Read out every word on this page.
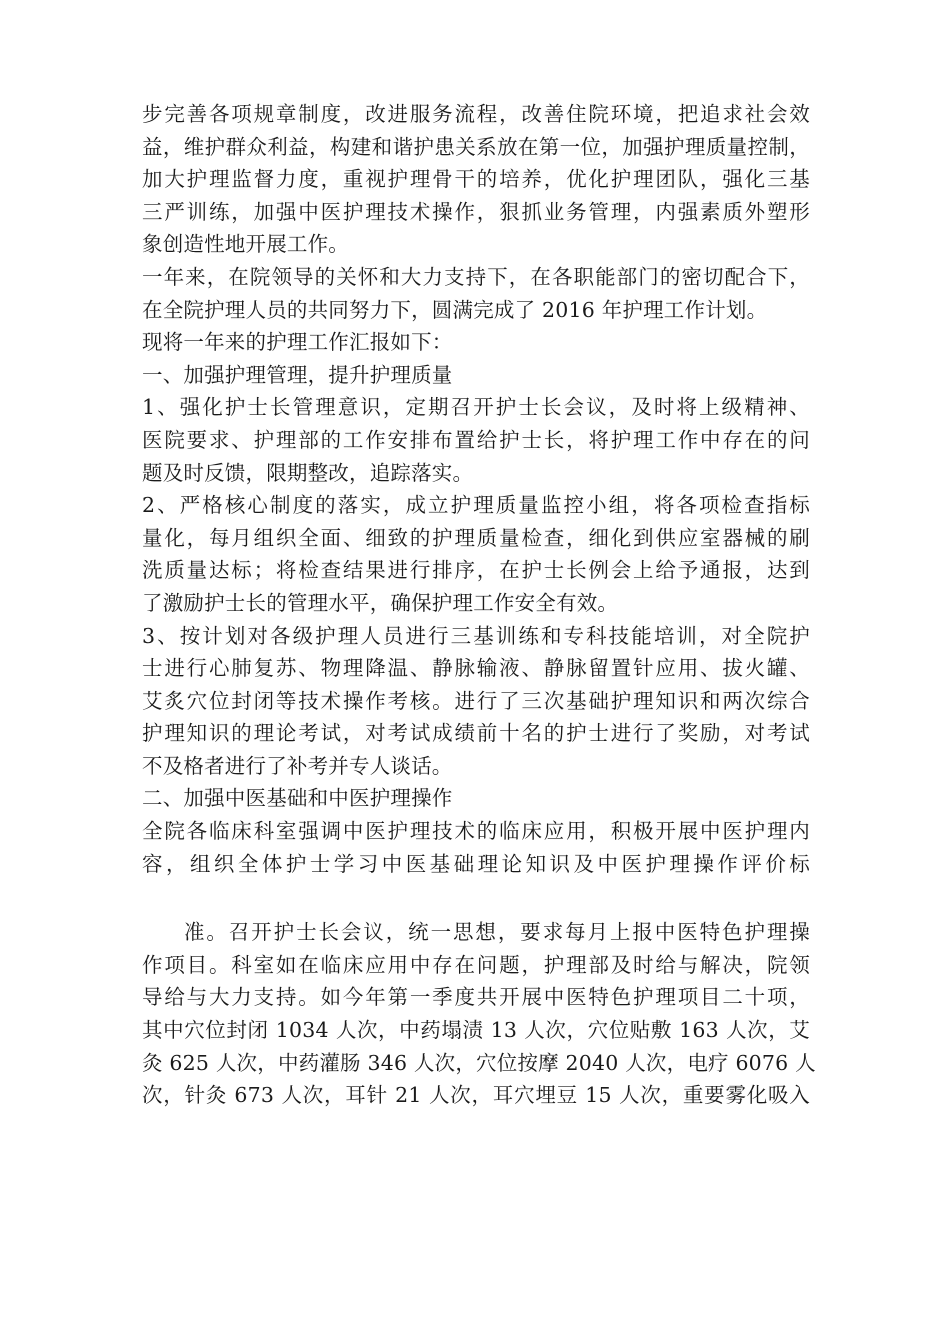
步完善各项规章制度，改进服务流程，改善住院环境，把追求社会效
益，维护群众利益，构建和谐护患关系放在第一位，加强护理质量控制，
加大护理监督力度，重视护理骨干的培养，优化护理团队，强化三基
三严训练，加强中医护理技术操作，狠抓业务管理，内强素质外塑形
象创造性地开展工作。
一年来，在院领导的关怀和大力支持下，在各职能部门的密切配合下，
在全院护理人员的共同努力下，圆满完成了 2016 年护理工作计划。
现将一年来的护理工作汇报如下：
一、加强护理管理，提升护理质量
1、强化护士长管理意识，定期召开护士长会议，及时将上级精神、
医院要求、护理部的工作安排布置给护士长，将护理工作中存在的问
题及时反馈，限期整改，追踪落实。
2、严格核心制度的落实，成立护理质量监控小组，将各项检查指标
量化，每月组织全面、细致的护理质量检查，细化到供应室器械的刷
洗质量达标；将检查结果进行排序，在护士长例会上给予通报，达到
了激励护士长的管理水平，确保护理工作安全有效。
3、按计划对各级护理人员进行三基训练和专科技能培训，对全院护
士进行心肺复苏、物理降温、静脉输液、静脉留置针应用、拔火罐、
艾炙穴位封闭等技术操作考核。进行了三次基础护理知识和两次综合
护理知识的理论考试，对考试成绩前十名的护士进行了奖励，对考试
不及格者进行了补考并专人谈话。
二、加强中医基础和中医护理操作
全院各临床科室强调中医护理技术的临床应用，积极开展中医护理内
容，组织全体护士学习中医基础理论知识及中医护理操作评价标
准。召开护士长会议，统一思想，要求每月上报中医特色护理操
作项目。科室如在临床应用中存在问题，护理部及时给与解决，院领
导给与大力支持。如今年第一季度共开展中医特色护理项目二十项，
其中穴位封闭 1034 人次，中药塌渍 13 人次，穴位贴敷 163 人次，艾
灸 625 人次，中药灌肠 346 人次，穴位按摩 2040 人次，电疗 6076 人
次，针灸 673 人次，耳针 21 人次，耳穴埋豆 15 人次，重要雾化吸入
